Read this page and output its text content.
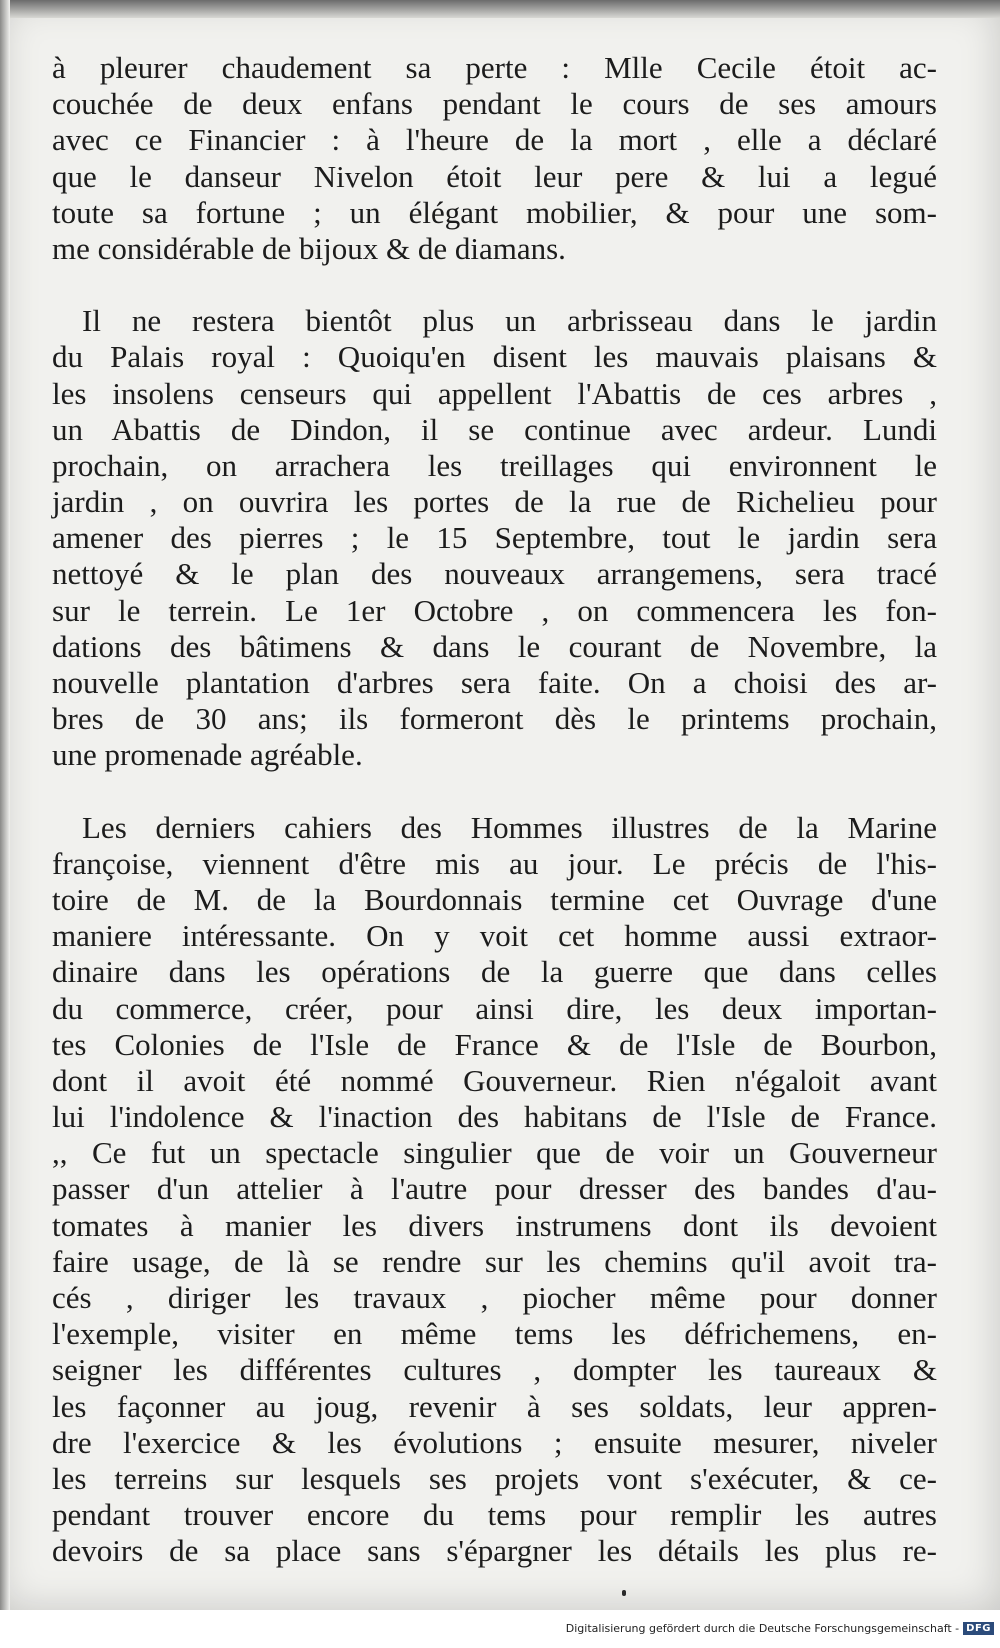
à pleurer chaudement sa perte : Mlle Cecile étoit ac-
couchée de deux enfans pendant le cours de ses amours
avec ce Financier : à l'heure de la mort , elle a déclaré
que le danseur Nivelon étoit leur pere & lui a legué
toute sa fortune ; un élégant mobilier, & pour une som-
me considérable de bijoux & de diamans.
Il ne restera bientôt plus un arbrisseau dans le jardin
du Palais royal : Quoiqu'en disent les mauvais plaisans &
les insolens censeurs qui appellent l'Abattis de ces arbres ,
un Abattis de Dindon, il se continue avec ardeur. Lundi
prochain, on arrachera les treillages qui environnent le
jardin , on ouvrira les portes de la rue de Richelieu pour
amener des pierres ; le 15 Septembre, tout le jardin sera
nettoyé & le plan des nouveaux arrangemens, sera tracé
sur le terrein. Le 1er Octobre , on commencera les fon-
dations des bâtimens & dans le courant de Novembre, la
nouvelle plantation d'arbres sera faite. On a choisi des ar-
bres de 30 ans; ils formeront dès le printems prochain,
une promenade agréable.
Les derniers cahiers des Hommes illustres de la Marine
françoise, viennent d'être mis au jour. Le précis de l'his-
toire de M. de la Bourdonnais termine cet Ouvrage d'une
maniere intéressante. On y voit cet homme aussi extraor-
dinaire dans les opérations de la guerre que dans celles
du commerce, créer, pour ainsi dire, les deux importan-
tes Colonies de l'Isle de France & de l'Isle de Bourbon,
dont il avoit été nommé Gouverneur. Rien n'égaloit avant
lui l'indolence & l'inaction des habitans de l'Isle de France.
,, Ce fut un spectacle singulier que de voir un Gouverneur
passer d'un attelier à l'autre pour dresser des bandes d'au-
tomates à manier les divers instrumens dont ils devoient
faire usage, de là se rendre sur les chemins qu'il avoit tra-
cés , diriger les travaux , piocher même pour donner
l'exemple, visiter en même tems les défrichemens, en-
seigner les différentes cultures , dompter les taureaux &
les façonner au joug, revenir à ses soldats, leur appren-
dre l'exercice & les évolutions ; ensuite mesurer, niveler
les terreins sur lesquels ses projets vont s'exécuter, & ce-
pendant trouver encore du tems pour remplir les autres
devoirs de sa place sans s'épargner les détails les plus re-
Digitalisierung gefördert durch die Deutsche Forschungsgemeinschaft - DFG
